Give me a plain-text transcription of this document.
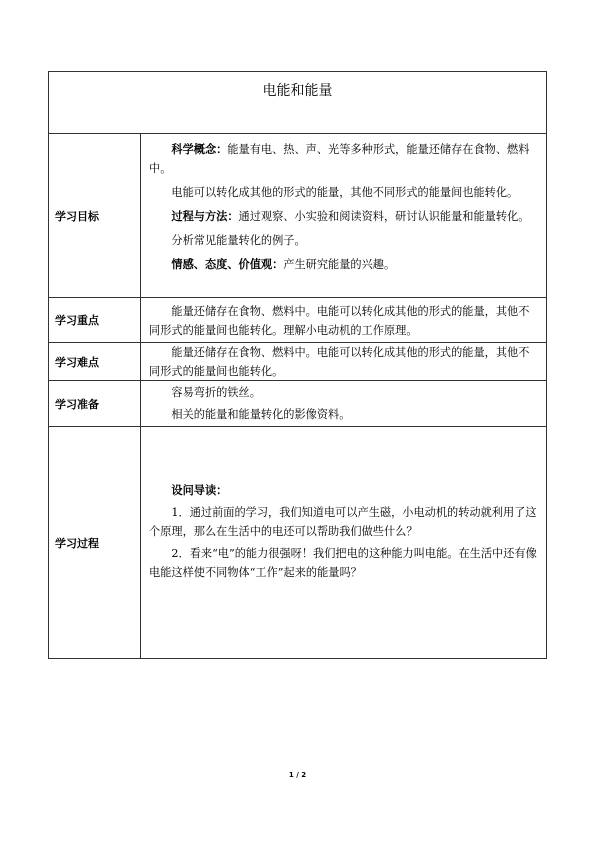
电能和能量
学习目标

科学概念：能量有电、热、声、光等多种形式，能量还储存在食物、燃料中。

电能可以转化成其他的形式的能量，其他不同形式的能量间也能转化。

过程与方法：通过观察、小实验和阅读资料，研讨认识能量和能量转化。

分析常见能量转化的例子。

情感、态度、价值观：产生研究能量的兴趣。

学习重点

能量还储存在食物、燃料中。电能可以转化成其他的形式的能量，其他不同形式的能量间也能转化。理解小电动机的工作原理。

学习难点

能量还储存在食物、燃料中。电能可以转化成其他的形式的能量，其他不同形式的能量间也能转化。

学习准备

容易弯折的铁丝。

相关的能量和能量转化的影像资料。

学习过程

设问导读：

1．通过前面的学习，我们知道电可以产生磁，小电动机的转动就利用了这个原理，那么在生活中的电还可以帮助我们做些什么？

2．看来“电”的能力很强呀！我们把电的这种能力叫电能。在生活中还有像电能这样使不同物体“工作”起来的能量吗？

1 / 2
